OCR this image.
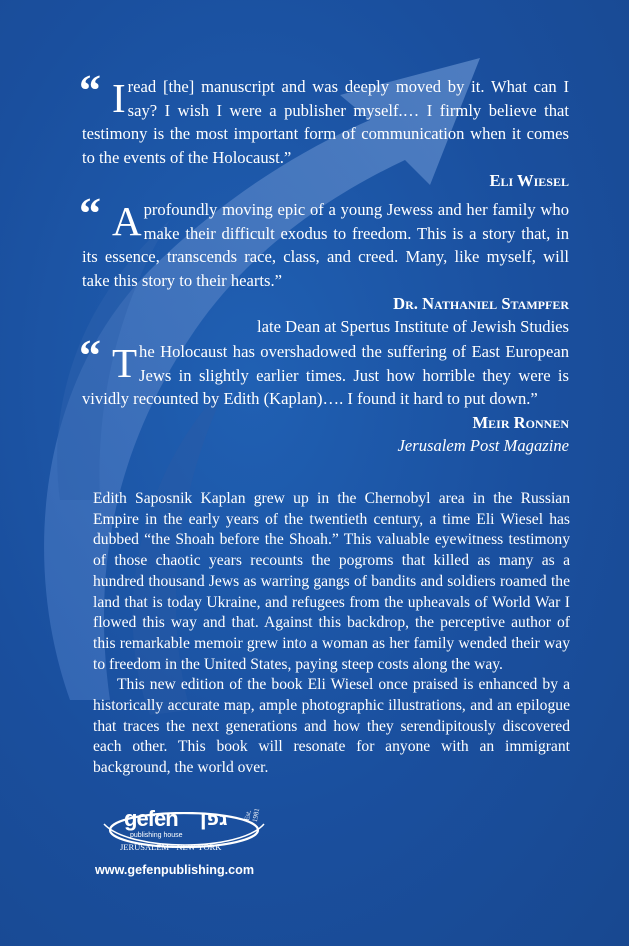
“ I read [the] manuscript and was deeply moved by it. What can I say? I wish I were a publisher myself.… I firmly believe that testimony is the most important form of communication when it comes to the events of the Holocaust.”
Eli Wiesel
“ A profoundly moving epic of a young Jewess and her family who make their difficult exodus to freedom. This is a story that, in its essence, transcends race, class, and creed. Many, like myself, will take this story to their hearts.”
Dr. Nathaniel Stampfer
late Dean at Spertus Institute of Jewish Studies
“ T he Holocaust has overshadowed the suffering of East European Jews in slightly earlier times. Just how horrible they were is vividly recounted by Edith (Kaplan)…. I found it hard to put down.”
Meir Ronnen
Jerusalem Post Magazine

Edith Saposnik Kaplan grew up in the Chernobyl area in the Russian Empire in the early years of the twentieth century, a time Eli Wiesel has dubbed “the Shoah before the Shoah.” This valuable eyewitness testimony of those chaotic years recounts the pogroms that killed as many as a hundred thousand Jews as warring gangs of bandits and soldiers roamed the land that is today Ukraine, and refugees from the upheavals of World War I flowed this way and that. Against this backdrop, the perceptive author of this remarkable memoir grew into a woman as her family wended their way to freedom in the United States, paying steep costs along the way.

This new edition of the book Eli Wiesel once praised is enhanced by a historically accurate map, ample photographic illustrations, and an epilogue that traces the next generations and how they serendipitously discovered each other. This book will resonate for anyone with an immigrant background, the world over.

gefen גפן
publishing house
JERUSALEM • NEW YORK
Est. 1981
www.gefenpublishing.com
